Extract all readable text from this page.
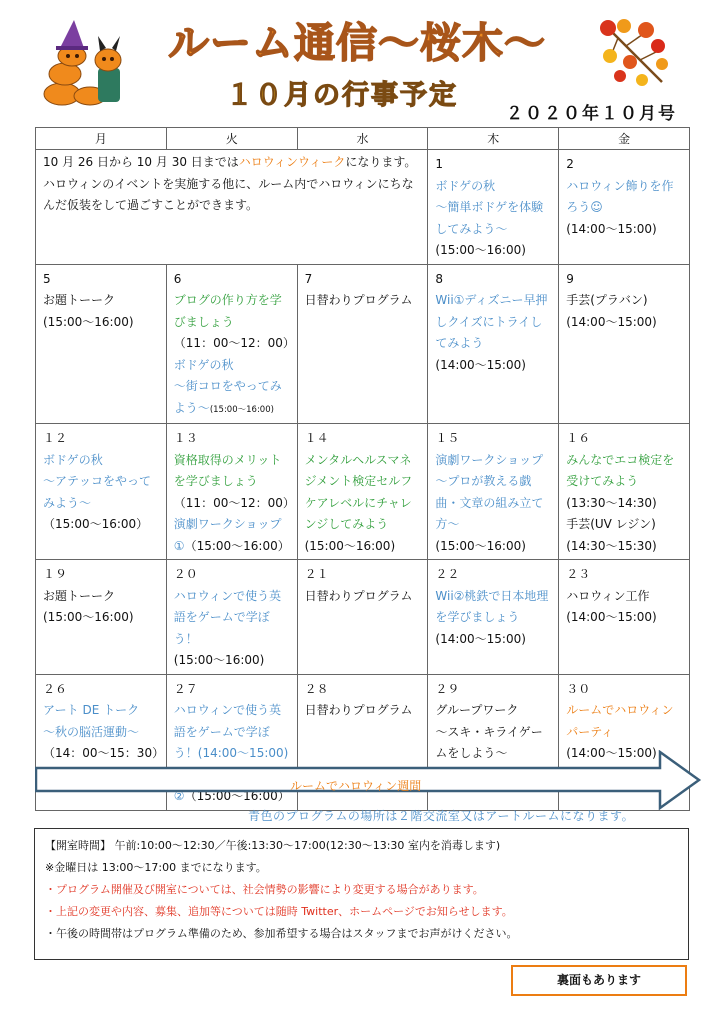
ルーム通信～桜木～
１０月の行事予定
２０２０年１０月号
月	火	水	木	金
10 月 26 日から 10 月 30 日まではハロウィンウィークになります。ハロウィンのイベントを実施する他に、ルーム内でハロウィンにちなんだ仮装をして過ごすことができます。			1
ボドゲの秋
～簡単ボドゲを体験してみよう～
(15:00～16:00)	2
ハロウィン飾りを作ろう☺
(14:00～15:00)

5
お題トーーク
(15:00～16:00)	6
ブログの作り方を学びましょう
（11：00～12：00）
ボドゲの秋
～街コロをやってみよう～(15:00～16:00)	7
日替わりプログラム	8
Wii①ディズニー早押しクイズにトライしてみよう
(14:00～15:00)	9
手芸(プラバン)
(14:00～15:00)

１２
ボドゲの秋
～アテッコをやってみよう～
（15:00～16:00）	１３
資格取得のメリットを学びましょう
（11：00～12：00）
演劇ワークショップ
①（15:00～16:00）	１４
メンタルヘルスマネジメント検定セルフケアレベルにチャレンジしてみよう
(15:00～16:00)	１５
演劇ワークショップ～プロが教える戯曲・文章の組み立て方～
(15:00～16:00)	１６
みんなでエコ検定を受けてみよう
(13:30～14:30)
手芸(UV レジン)
(14:30～15:30)

１９
お題トーーク
(15:00～16:00)	２０
ハロウィンで使う英語をゲームで学ぼう！
(15:00～16:00)	２１
日替わりプログラム	２２
Wii②桃鉄で日本地理を学びましょう
(14:00～15:00)	２３
ハロウィン工作
(14:00～15:00)

２６
アート DE トーク
～秋の脳活運動～
（14：00～15：30）	２７
ハロウィンで使う英語をゲームで学ぼう！(14:00～15:00)
②（15:00～16:00）	２８
日替わりプログラム	２９
グループワーク
～スキ・キライゲームをしよう～	３０
ルームでハロウィンパーティ
(14:00～15:00)
ルームでハロウィン週間
青色のプログラムの場所は２階交流室又はアートルームになります。
【開室時間】 午前:10:00～12:30／午後:13:30～17:00(12:30～13:30 室内を消毒します)
※金曜日は 13:00～17:00 までになります。
・プログラム開催及び開室については、社会情勢の影響により変更する場合があります。
・上記の変更や内容、募集、追加等については随時 Twitter、ホームページでお知らせします。
・午後の時間帯はプログラム準備のため、参加希望する場合はスタッフまでお声がけください。
裏面もあります
